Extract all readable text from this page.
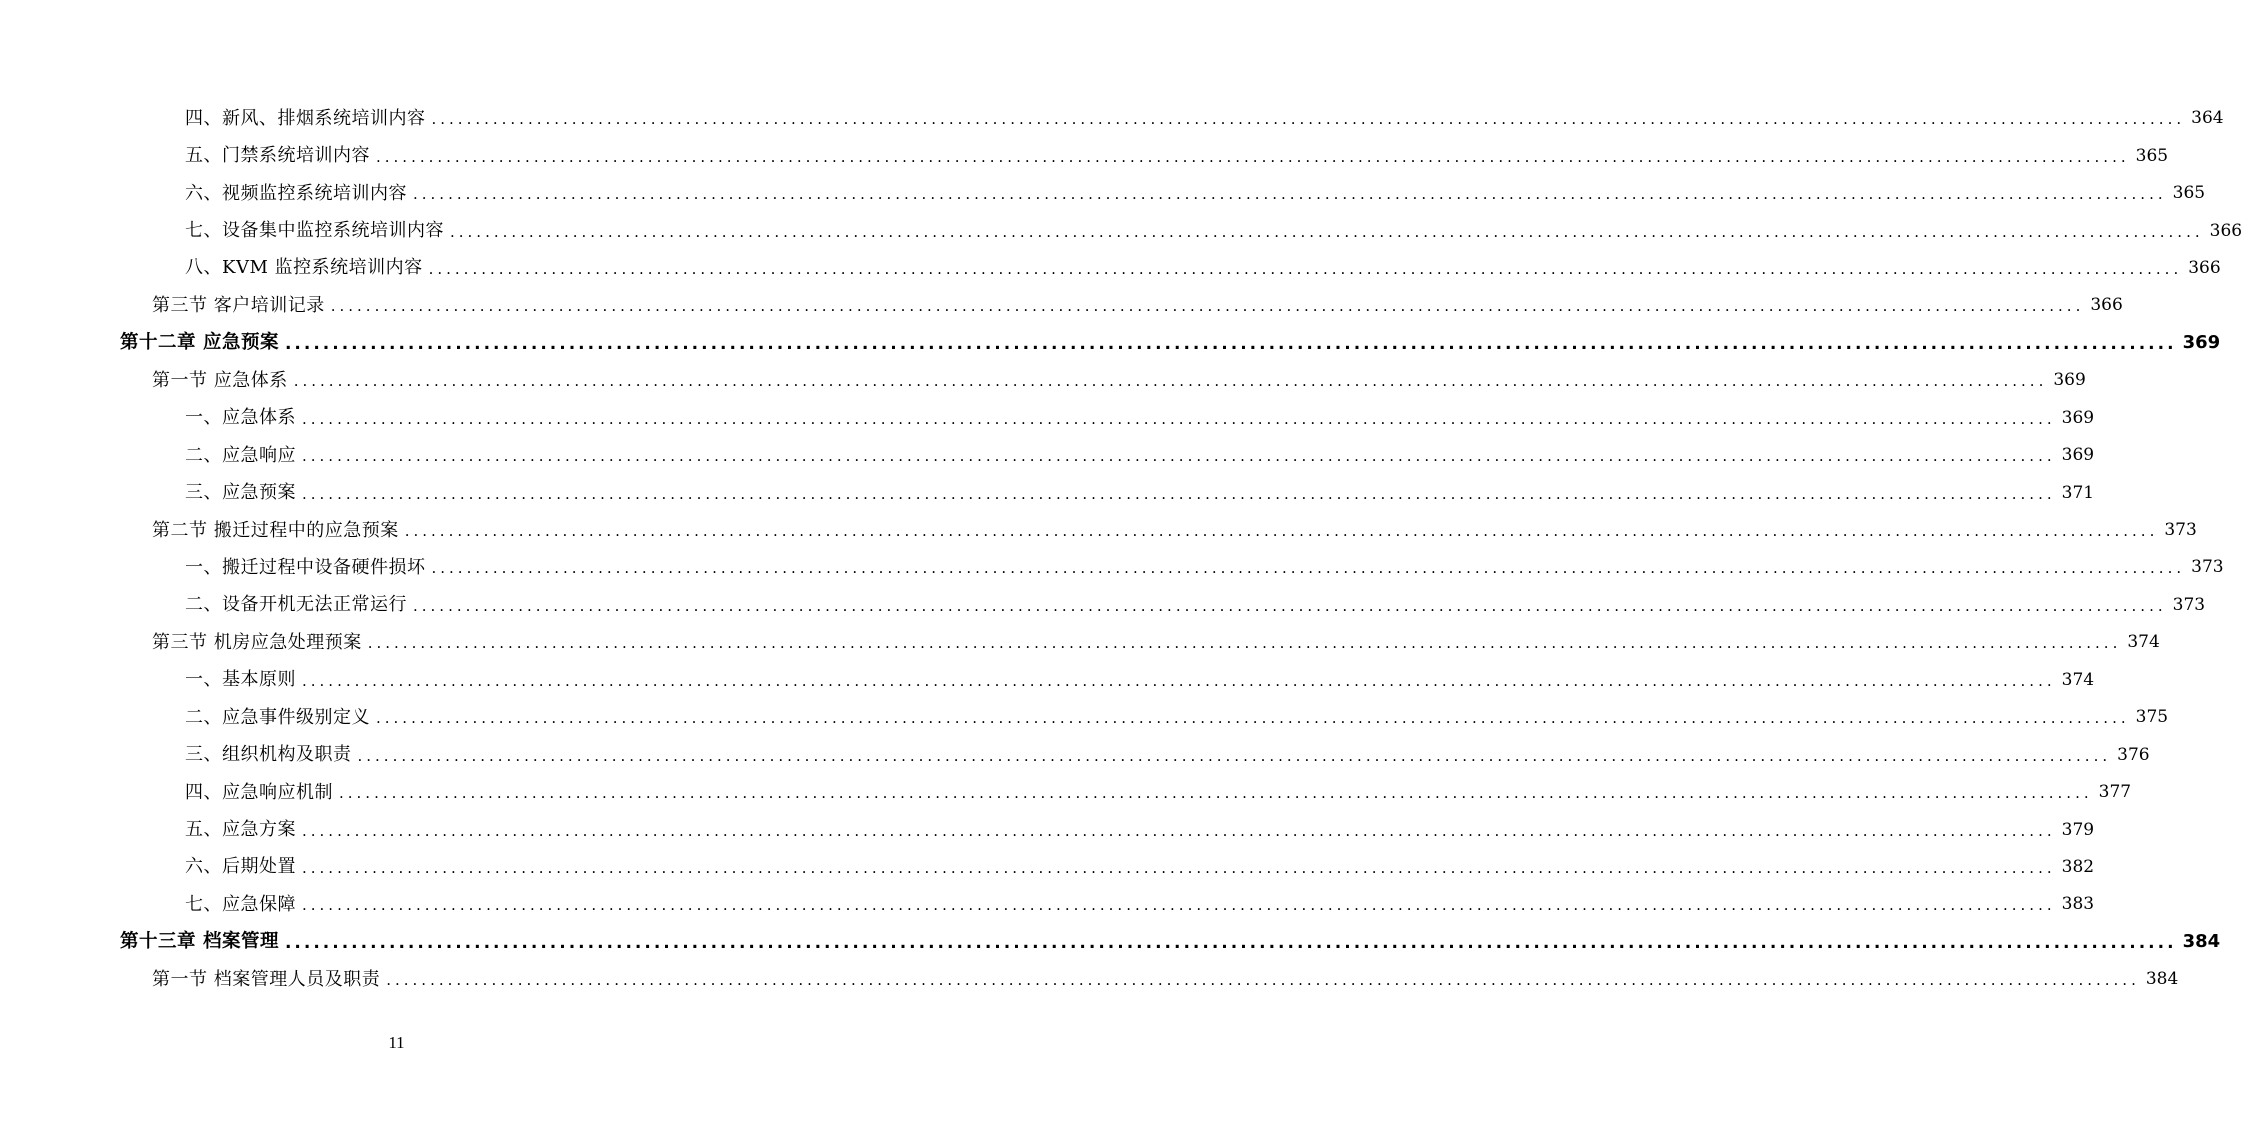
四、新风、排烟系统培训内容 ........................................................................................................................................................................................................ 364
五、门禁系统培训内容 ........................................................................................................................................................................................................ 365
六、视频监控系统培训内容 ........................................................................................................................................................................................................ 365
七、设备集中监控系统培训内容 ........................................................................................................................................................................................................ 366
八、KVM 监控系统培训内容 ........................................................................................................................................................................................................ 366
第三节 客户培训记录 ........................................................................................................................................................................................................ 366
第十二章 应急预案 ........................................................................................................................................................................................................ 369
第一节 应急体系 ........................................................................................................................................................................................................ 369
一、应急体系 ........................................................................................................................................................................................................ 369
二、应急响应 ........................................................................................................................................................................................................ 369
三、应急预案 ........................................................................................................................................................................................................ 371
第二节 搬迁过程中的应急预案 ........................................................................................................................................................................................................ 373
一、搬迁过程中设备硬件损坏 ........................................................................................................................................................................................................ 373
二、设备开机无法正常运行 ........................................................................................................................................................................................................ 373
第三节 机房应急处理预案 ........................................................................................................................................................................................................ 374
一、基本原则 ........................................................................................................................................................................................................ 374
二、应急事件级别定义 ........................................................................................................................................................................................................ 375
三、组织机构及职责 ........................................................................................................................................................................................................ 376
四、应急响应机制 ........................................................................................................................................................................................................ 377
五、应急方案 ........................................................................................................................................................................................................ 379
六、后期处置 ........................................................................................................................................................................................................ 382
七、应急保障 ........................................................................................................................................................................................................ 383
第十三章 档案管理 ........................................................................................................................................................................................................ 384
第一节 档案管理人员及职责 ........................................................................................................................................................................................................ 384
11
